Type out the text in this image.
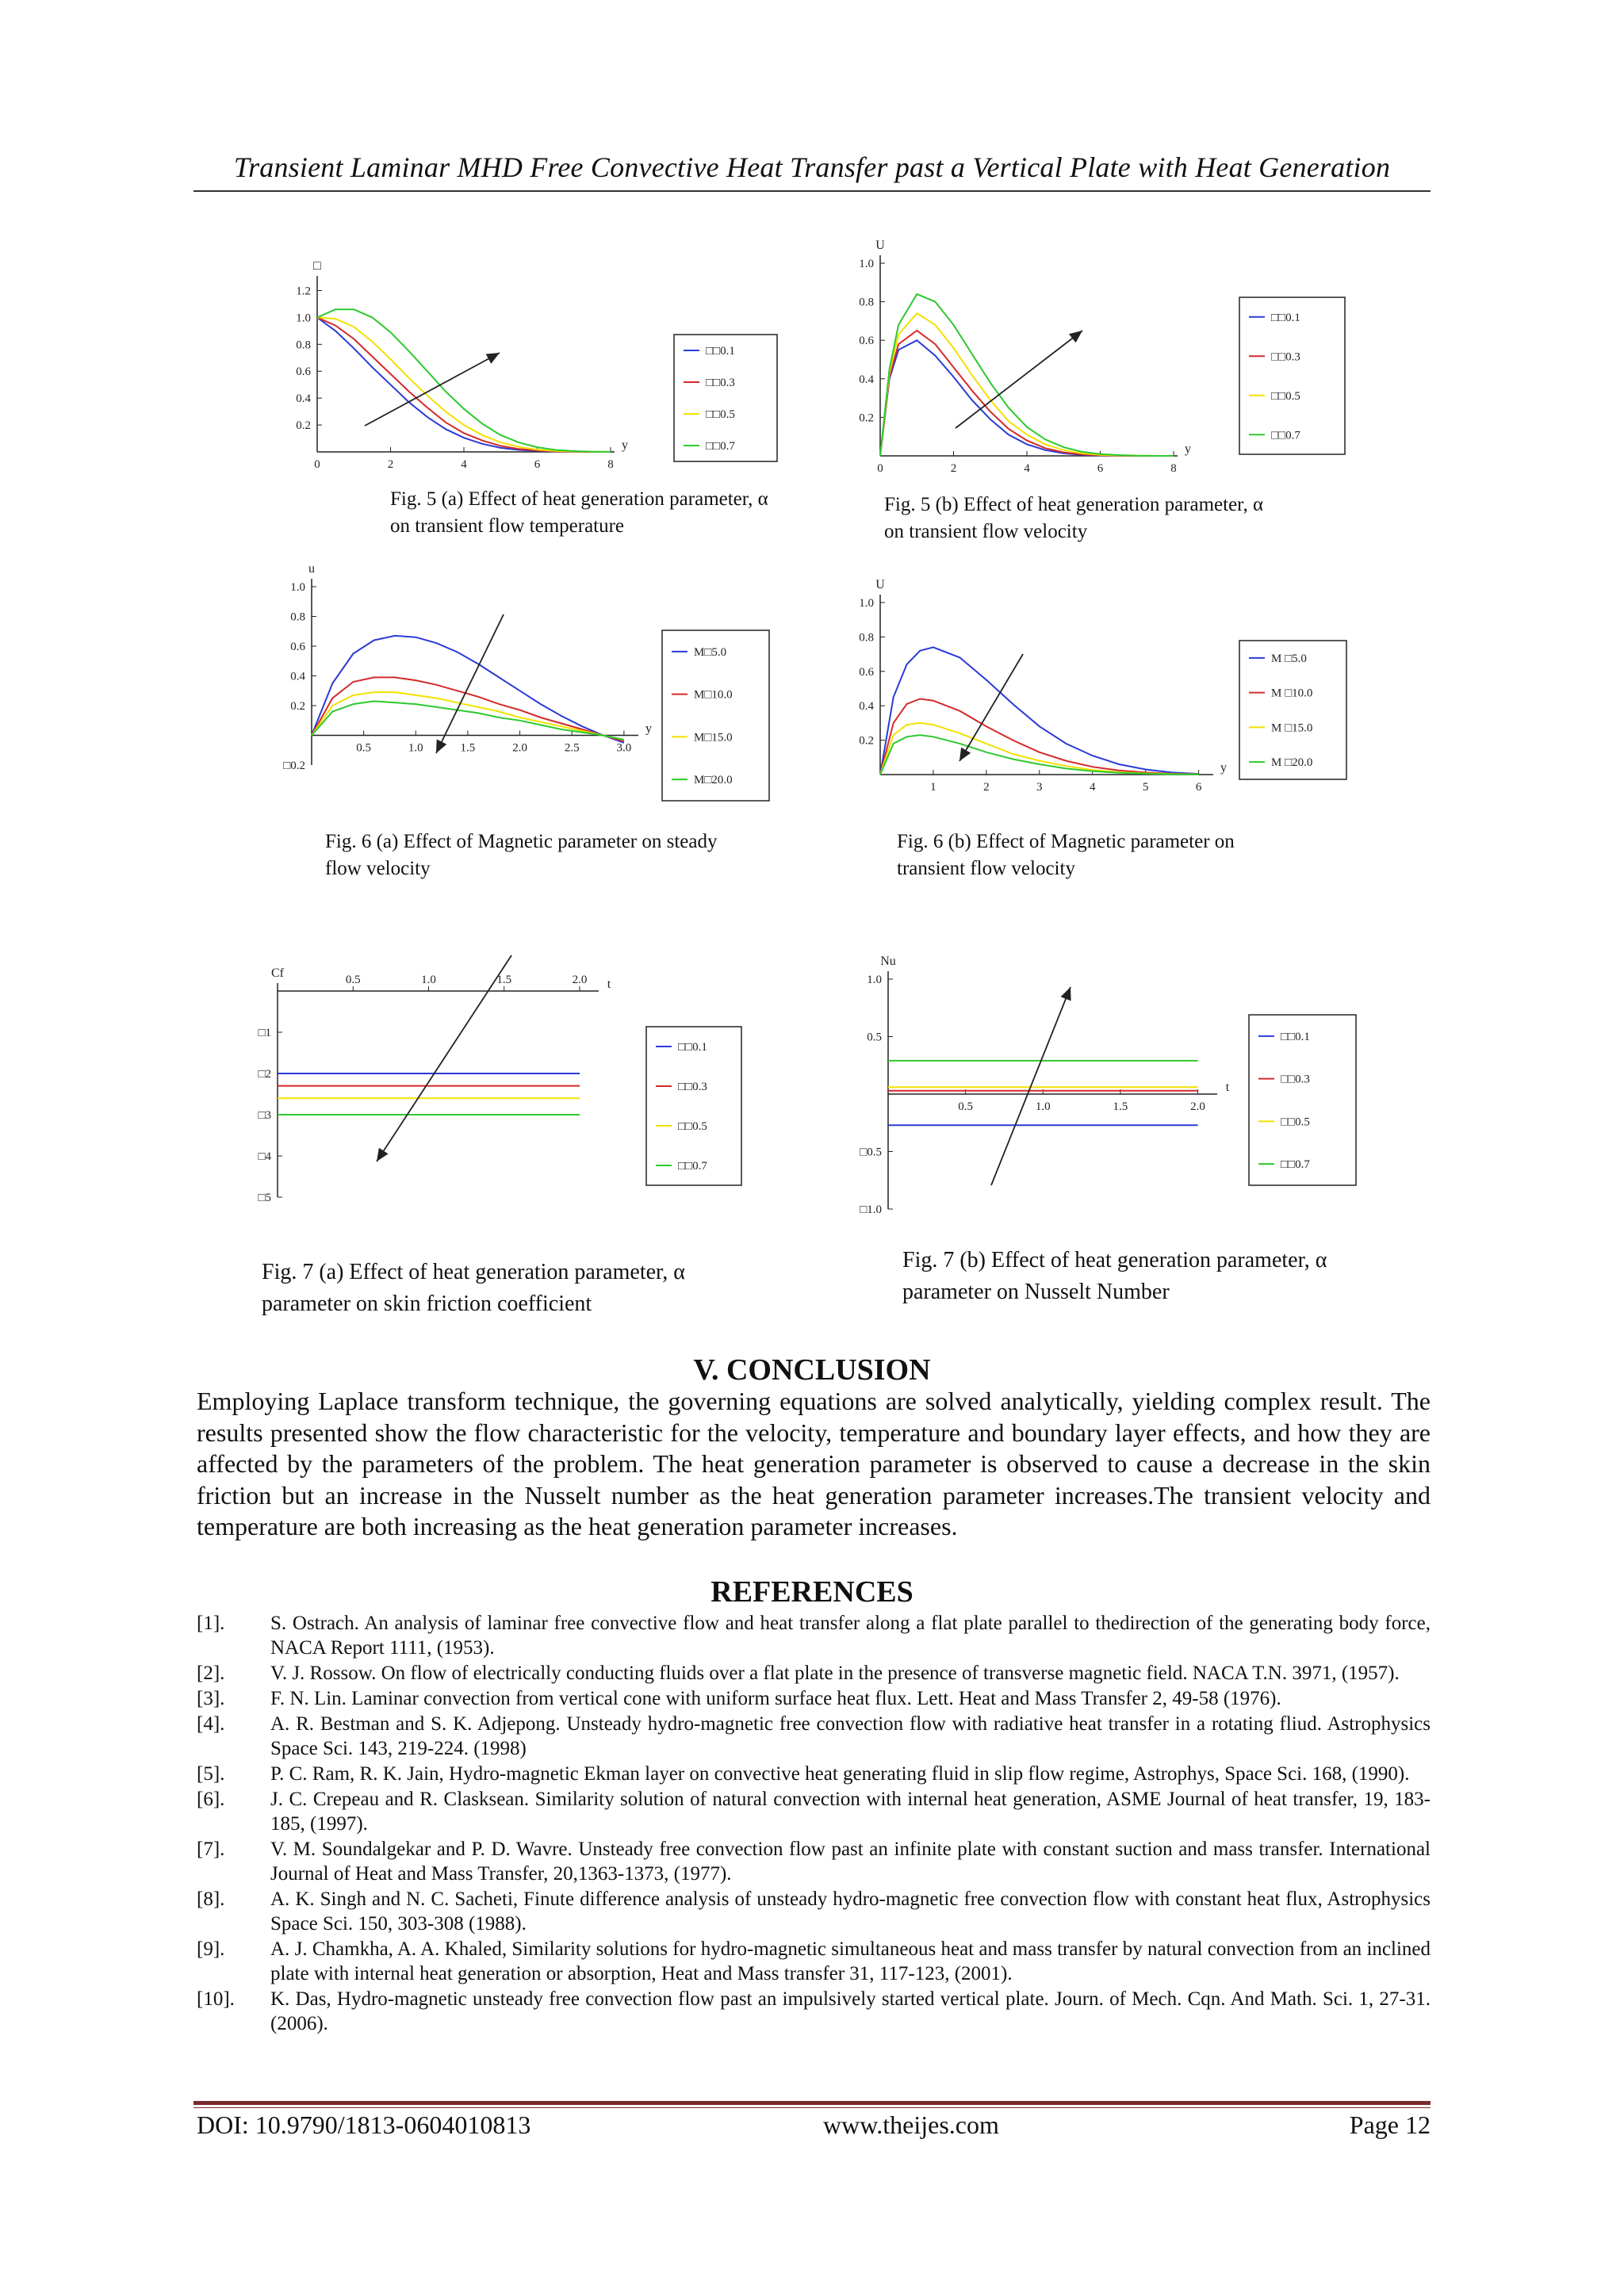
Transient Laminar MHD Free Convective Heat Transfer past a Vertical Plate with Heat Generation
□
y
1.2
1.0
0.8
0.6
0.4
0.2
0	2	4	6	8
□□0.1
□□0.3
□□0.5
□□0.7
Fig. 5 (a) Effect of heat generation parameter, α
on transient flow temperature
U
y
1.0
0.8
0.6
0.4
0.2
0	2	4	6	8
□□0.1
□□0.3
□□0.5
□□0.7
Fig. 5 (b) Effect of heat generation parameter, α
on transient flow velocity
u
y
1.0
0.8
0.6
0.4
0.2
□0.2
0.5	1.0	1.5	2.0	2.5	3.0
M□5.0
M□10.0
M□15.0
M□20.0
Fig. 6 (a) Effect of Magnetic parameter on steady
flow velocity
U
y
1.0
0.8
0.6
0.4
0.2
1	2	3	4	5	6
M □5.0
M □10.0
M □15.0
M □20.0
Fig. 6 (b) Effect of Magnetic parameter on
transient flow velocity
Cf
t
□1
□2
□3
□4
□5
0.5	1.0	1.5	2.0
□□0.1
□□0.3
□□0.5
□□0.7
Fig. 7 (a) Effect of heat generation parameter, α
parameter on skin friction coefficient
Nu
t
1.0
0.5
□0.5
□1.0
0.5	1.0	1.5	2.0
□□0.1
□□0.3
□□0.5
□□0.7
Fig. 7 (b) Effect of heat generation parameter, α
parameter on Nusselt Number
V. CONCLUSION
Employing Laplace transform technique, the governing equations are solved analytically, yielding complex result. The results presented show the flow characteristic for the velocity, temperature and boundary layer effects, and how they are affected by the parameters of the problem. The heat generation parameter is observed to cause a decrease in the skin friction but an increase in the Nusselt number as the heat generation parameter increases.The transient velocity and temperature are both increasing as the heat generation parameter increases.
REFERENCES
[1]. S. Ostrach. An analysis of laminar free convective flow and heat transfer along a flat plate parallel to thedirection of the generating body force, NACA Report 1111, (1953).
[2]. V. J. Rossow. On flow of electrically conducting fluids over a flat plate in the presence of transverse magnetic field. NACA T.N. 3971, (1957).
[3]. F. N. Lin. Laminar convection from vertical cone with uniform surface heat flux. Lett. Heat and Mass Transfer 2, 49-58 (1976).
[4]. A. R. Bestman and S. K. Adjepong. Unsteady hydro-magnetic free convection flow with radiative heat transfer in a rotating fliud. Astrophysics Space Sci. 143, 219-224. (1998)
[5]. P. C. Ram, R. K. Jain, Hydro-magnetic Ekman layer on convective heat generating fluid in slip flow regime, Astrophys, Space Sci. 168, (1990).
[6]. J. C. Crepeau and R. Clasksean. Similarity solution of natural convection with internal heat generation, ASME Journal of heat transfer, 19, 183-185, (1997).
[7]. V. M. Soundalgekar and P. D. Wavre. Unsteady free convection flow past an infinite plate with constant suction and mass transfer. International Journal of Heat and Mass Transfer, 20,1363-1373, (1977).
[8]. A. K. Singh and N. C. Sacheti, Finute difference analysis of unsteady hydro-magnetic free convection flow with constant heat flux, Astrophysics Space Sci. 150, 303-308 (1988).
[9]. A. J. Chamkha, A. A. Khaled, Similarity solutions for hydro-magnetic simultaneous heat and mass transfer by natural convection from an inclined plate with internal heat generation or absorption, Heat and Mass transfer 31, 117-123, (2001).
[10]. K. Das, Hydro-magnetic unsteady free convection flow past an impulsively started vertical plate. Journ. of Mech. Cqn. And Math. Sci. 1, 27-31.(2006).
DOI: 10.9790/1813-0604010813	www.theijes.com	Page 12
